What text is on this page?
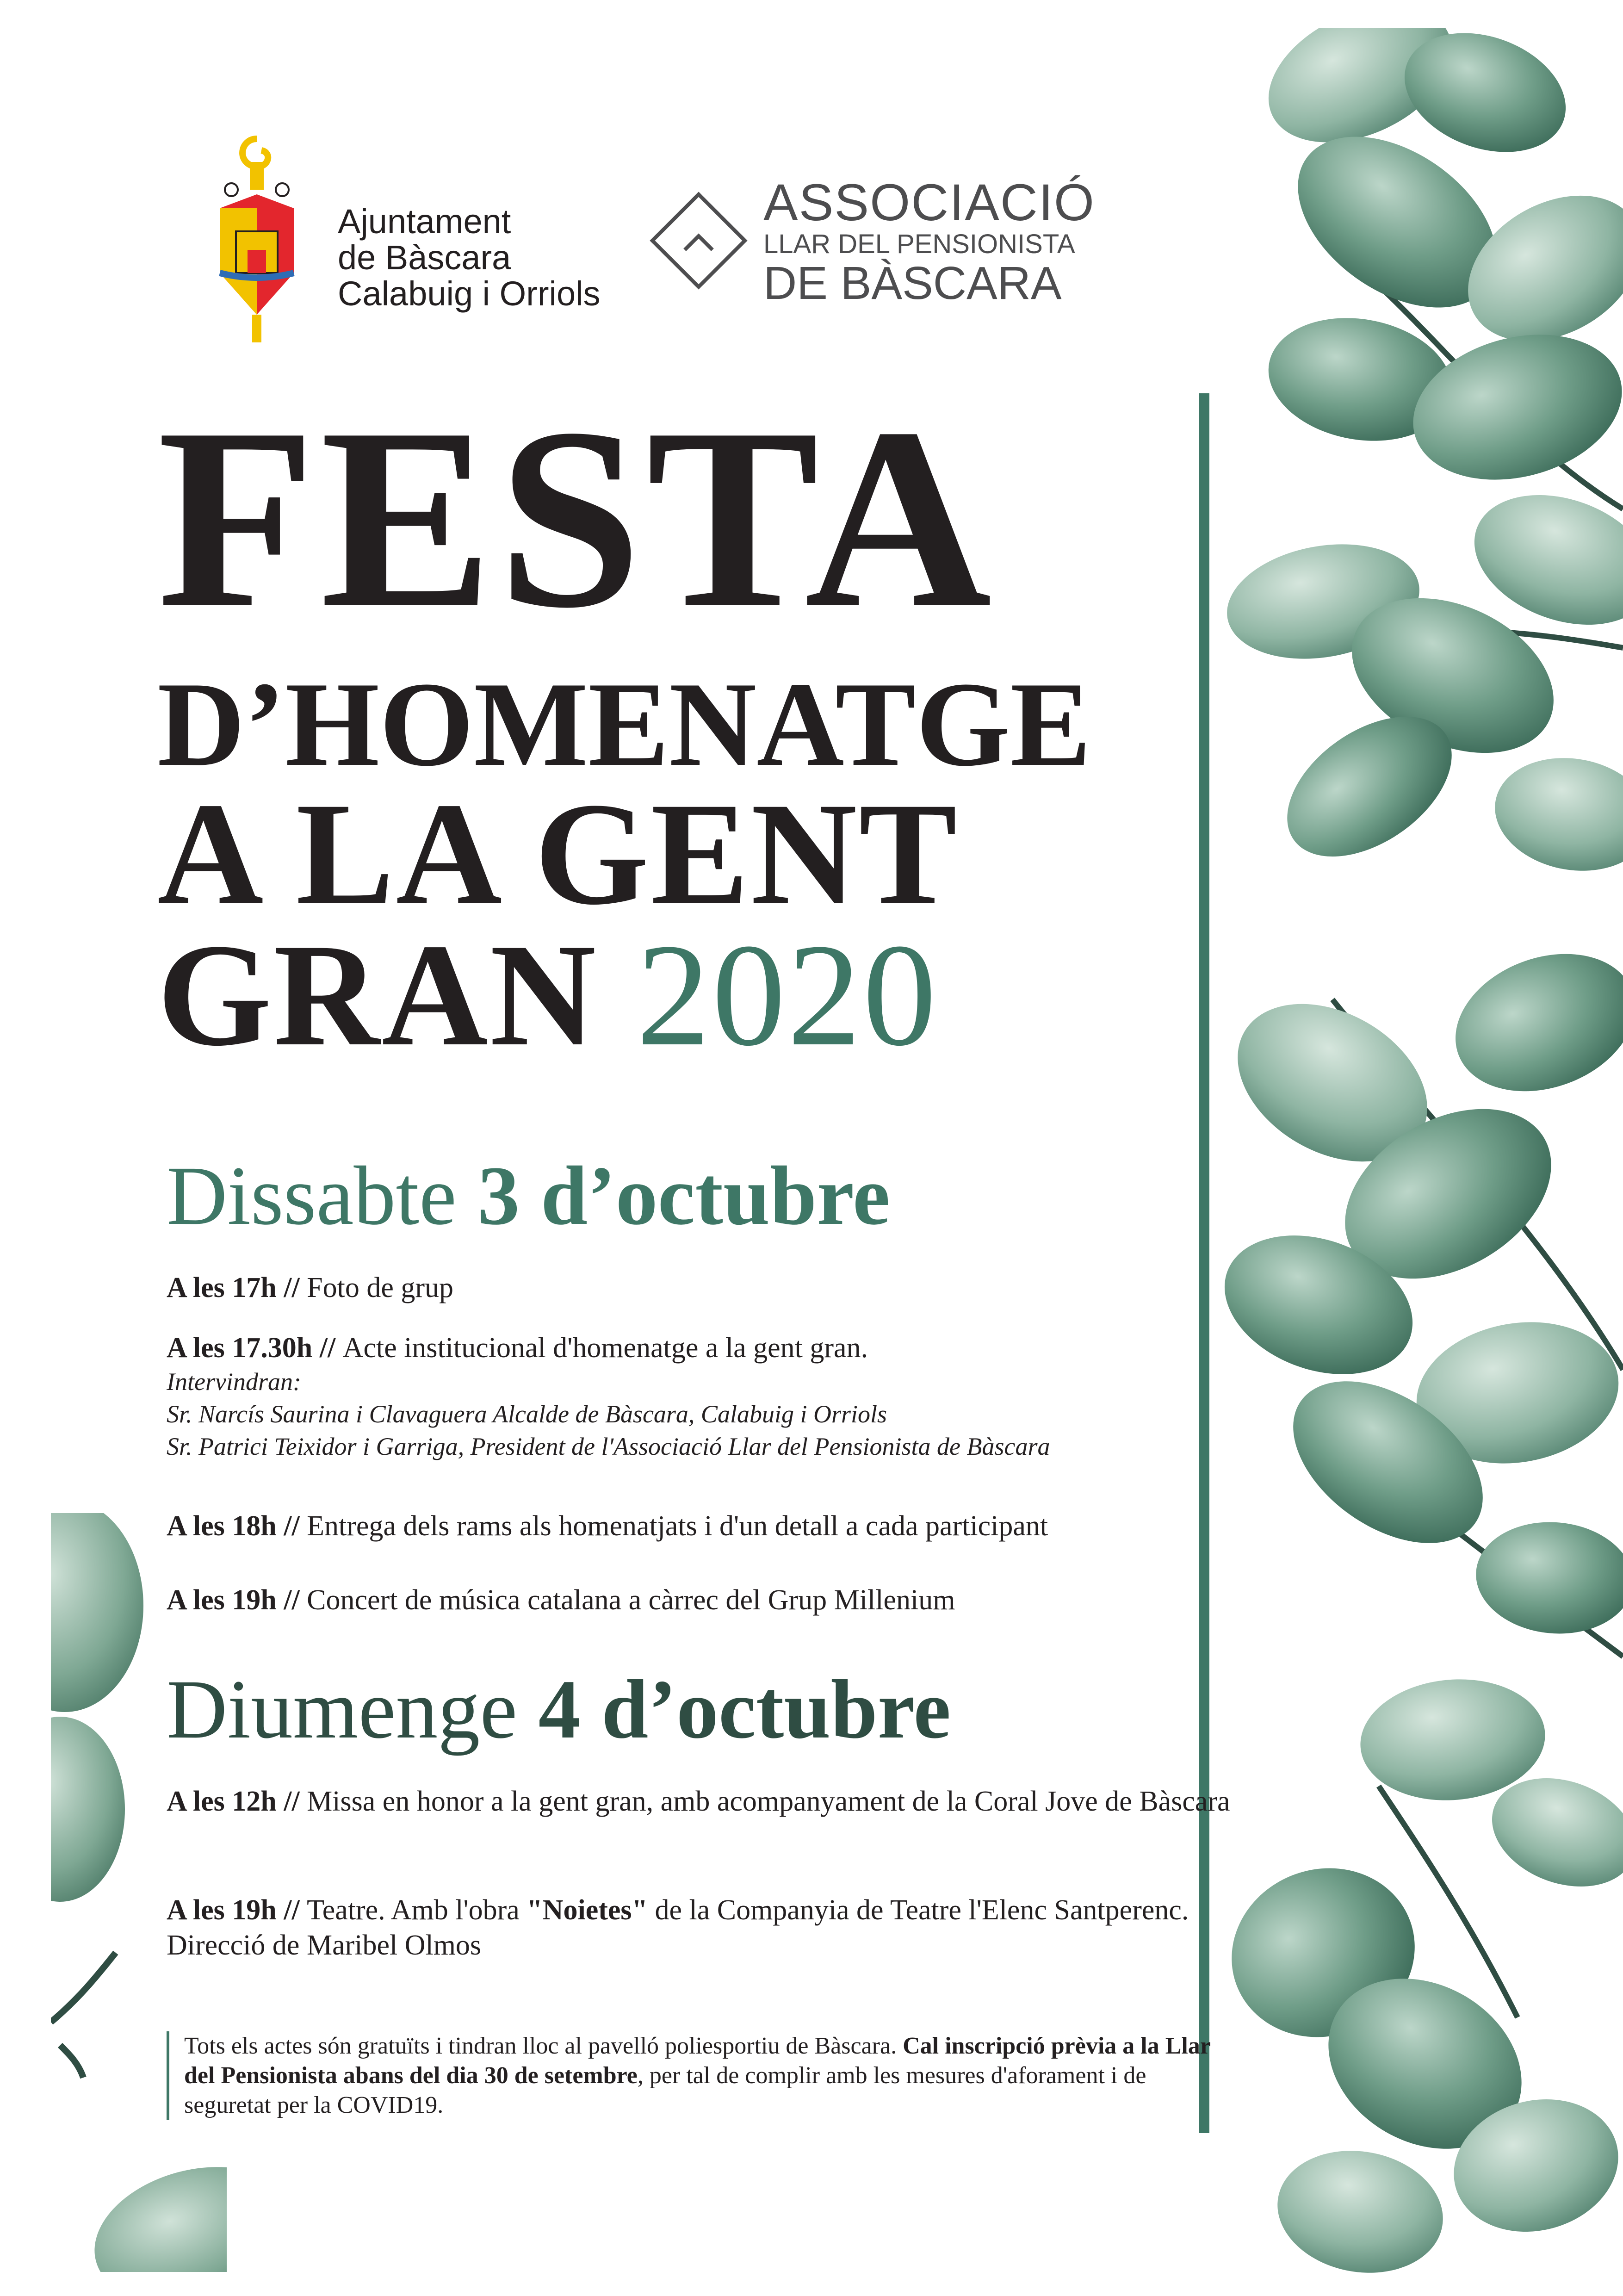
Ajuntament
de Bàscara
Calabuig i Orriols
ASSOCIACIÓ
LLAR DEL PENSIONISTA
DE BÀSCARA
FESTA
D’HOMENATGE
A LA GENT
GRAN 2020
Dissabte 3 d’octubre
A les 17h // Foto de grup
A les 17.30h // Acte institucional d'homenatge a la gent gran.
Intervindran:
Sr. Narcís Saurina i Clavaguera Alcalde de Bàscara, Calabuig i Orriols
Sr. Patrici Teixidor i Garriga, President de l'Associació Llar del Pensionista de Bàscara
A les 18h // Entrega dels rams als homenatjats i d'un detall a cada participant
A les 19h // Concert de música catalana a càrrec del Grup Millenium
Diumenge 4 d’octubre
A les 12h // Missa en honor a la gent gran, amb acompanyament de la Coral Jove de Bàscara
A les 19h // Teatre. Amb l'obra "Noietes" de la Companyia de Teatre l'Elenc Santperenc. Direcció de Maribel Olmos
Tots els actes són gratuïts i tindran lloc al pavelló poliesportiu de Bàscara. Cal inscripció prèvia a la Llar del Pensionista abans del dia 30 de setembre, per tal de complir amb les mesures d'aforament i de seguretat per la COVID19.
